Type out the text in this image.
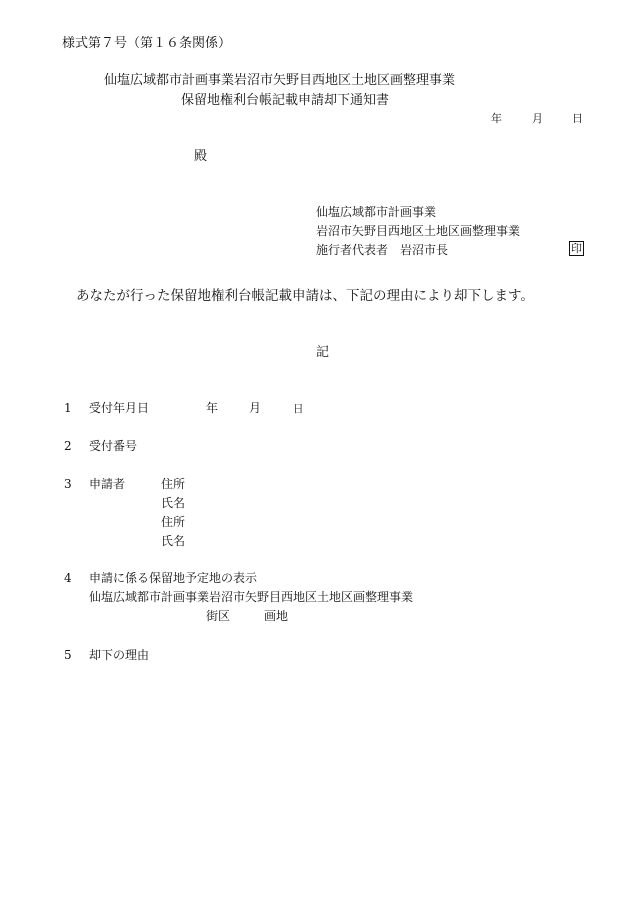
様式第７号（第１６条関係）
仙塩広域都市計画事業岩沼市矢野目西地区土地区画整理事業
保留地権利台帳記載申請却下通知書
年	月	日
殿
仙塩広域都市計画事業
岩沼市矢野目西地区土地区画整理事業
施行者代表者　岩沼市長	印
あなたが行った保留地権利台帳記載申請は、下記の理由により却下します。
記
1 受付年月日	年	月	日
2 受付番号
3 申請者	住所
氏名
住所
氏名
4 申請に係る保留地予定地の表示
仙塩広域都市計画事業岩沼市矢野目西地区土地区画整理事業
街区	画地
5 却下の理由
